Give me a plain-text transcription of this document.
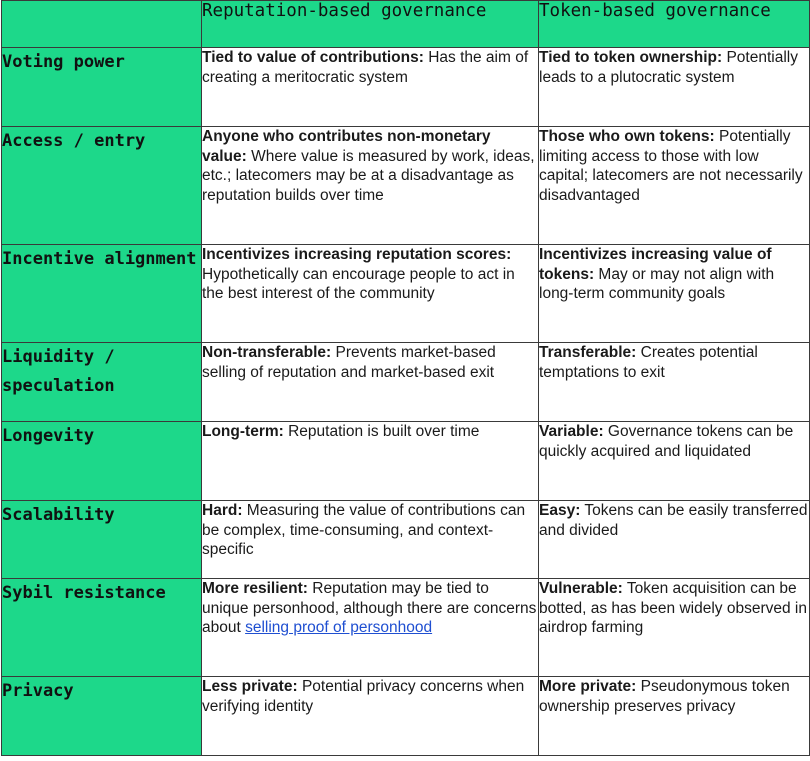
	Reputation-based governance	Token-based governance
Voting power	Tied to value of contributions: Has the aim of creating a meritocratic system	Tied to token ownership: Potentially leads to a plutocratic system
Access / entry	Anyone who contributes non-monetary value: Where value is measured by work, ideas, etc.; latecomers may be at a disadvantage as reputation builds over time	Those who own tokens: Potentially limiting access to those with low capital; latecomers are not necessarily disadvantaged
Incentive alignment	Incentivizes increasing reputation scores: Hypothetically can encourage people to act in the best interest of the community	Incentivizes increasing value of tokens: May or may not align with long-term community goals
Liquidity / speculation	Non-transferable: Prevents market-based selling of reputation and market-based exit	Transferable: Creates potential temptations to exit
Longevity	Long-term: Reputation is built over time	Variable: Governance tokens can be quickly acquired and liquidated
Scalability	Hard: Measuring the value of contributions can be complex, time-consuming, and context-specific	Easy: Tokens can be easily transferred and divided
Sybil resistance	More resilient: Reputation may be tied to unique personhood, although there are concerns about selling proof of personhood	Vulnerable: Token acquisition can be botted, as has been widely observed in airdrop farming
Privacy	Less private: Potential privacy concerns when verifying identity	More private: Pseudonymous token ownership preserves privacy
